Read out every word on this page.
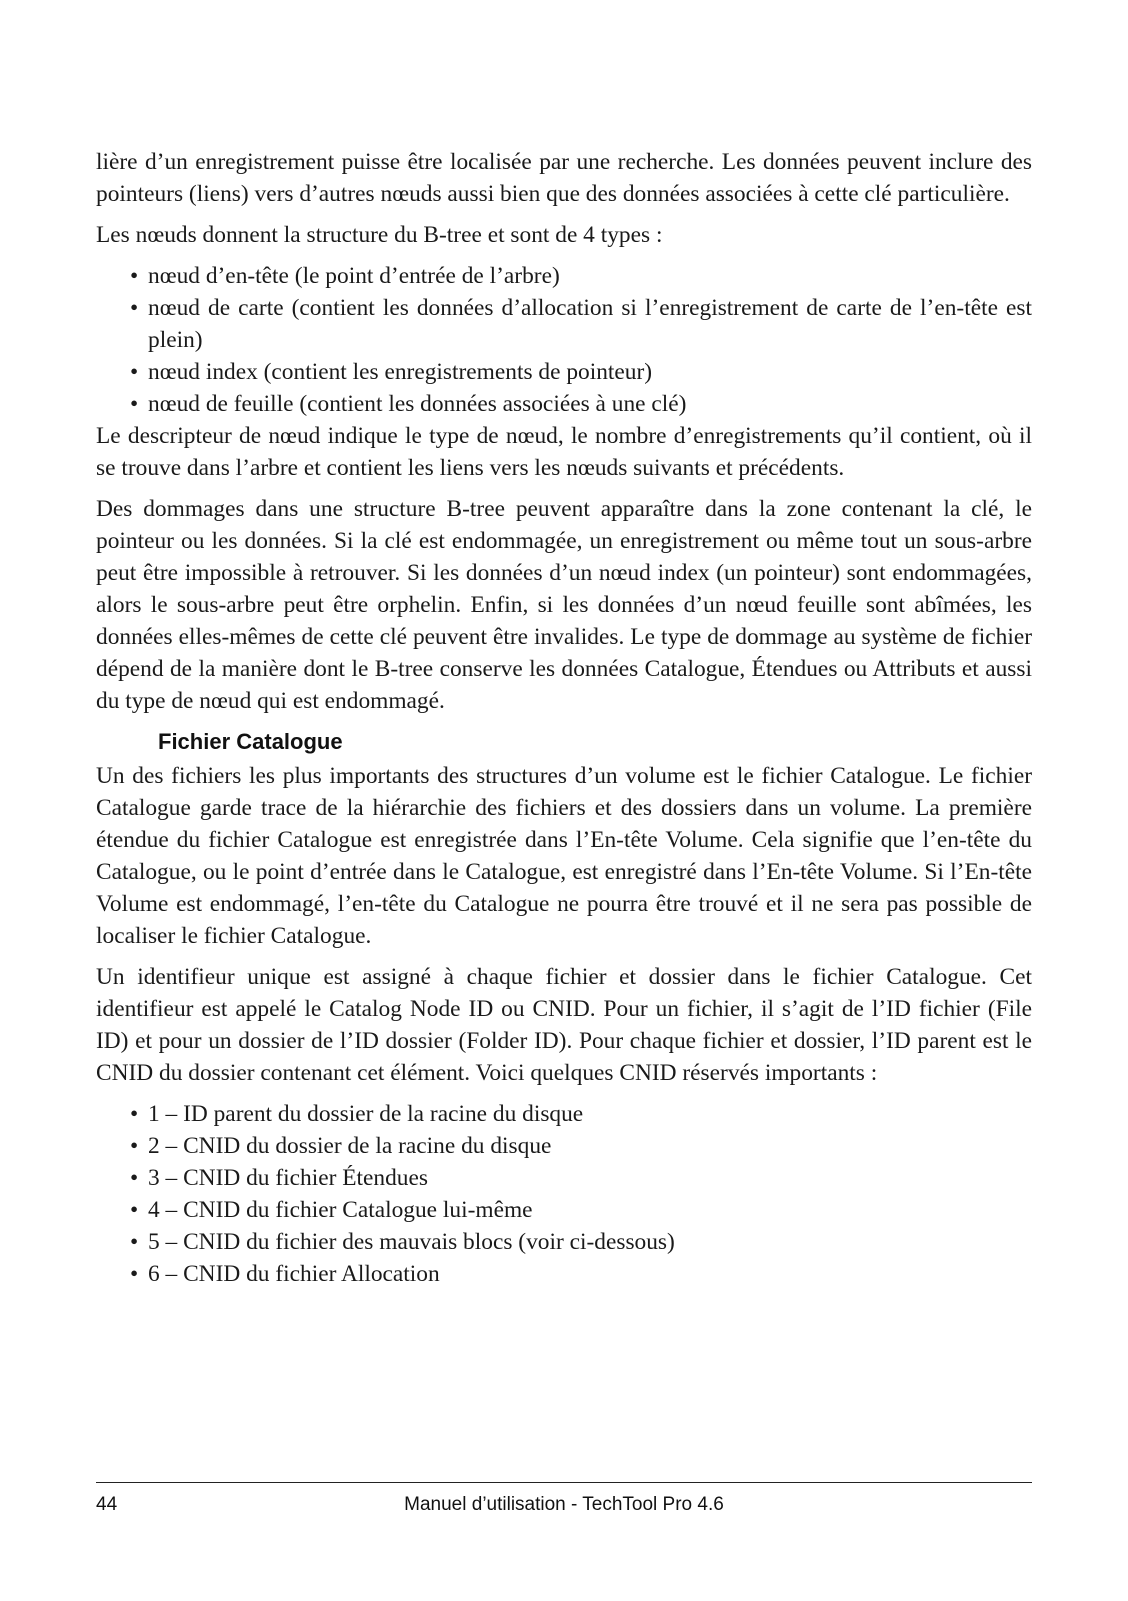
lière d’un enregistrement puisse être localisée par une recherche. Les données peuvent inclure des pointeurs (liens) vers d’autres nœuds aussi bien que des données associées à cette clé particulière.

Les nœuds donnent la structure du B-tree et sont de 4 types :

• nœud d’en-tête (le point d’entrée de l’arbre)
• nœud de carte (contient les données d’allocation si l’enregistrement de carte de l’en-tête est plein)
• nœud index (contient les enregistrements de pointeur)
• nœud de feuille (contient les données associées à une clé)

Le descripteur de nœud indique le type de nœud, le nombre d’enregistrements qu’il contient, où il se trouve dans l’arbre et contient les liens vers les nœuds suivants et précédents.

Des dommages dans une structure B-tree peuvent apparaître dans la zone contenant la clé, le pointeur ou les données. Si la clé est endommagée, un enregistrement ou même tout un sous-arbre peut être impossible à retrouver. Si les données d’un nœud index (un pointeur) sont endommagées, alors le sous-arbre peut être orphelin. Enfin, si les données d’un nœud feuille sont abîmées, les données elles-mêmes de cette clé peuvent être invalides. Le type de dommage au système de fichier dépend de la manière dont le B-tree conserve les données Catalogue, Étendues ou Attributs et aussi du type de nœud qui est endommagé.

Fichier Catalogue

Un des fichiers les plus importants des structures d’un volume est le fichier Catalogue. Le fichier Catalogue garde trace de la hiérarchie des fichiers et des dossiers dans un volume. La première étendue du fichier Catalogue est enregistrée dans l’En-tête Volume. Cela signifie que l’en-tête du Catalogue, ou le point d’entrée dans le Catalogue, est enregistré dans l’En-tête Volume. Si l’En-tête Volume est endommagé, l’en-tête du Catalogue ne pourra être trouvé et il ne sera pas possible de localiser le fichier Catalogue.

Un identifieur unique est assigné à chaque fichier et dossier dans le fichier Catalogue. Cet identifieur est appelé le Catalog Node ID ou CNID. Pour un fichier, il s’agit de l’ID fichier (File ID) et pour un dossier de l’ID dossier (Folder ID). Pour chaque fichier et dossier, l’ID parent est le CNID du dossier contenant cet élément. Voici quelques CNID réservés importants :

• 1 – ID parent du dossier de la racine du disque
• 2 – CNID du dossier de la racine du disque
• 3 – CNID du fichier Étendues
• 4 – CNID du fichier Catalogue lui-même
• 5 – CNID du fichier des mauvais blocs (voir ci-dessous)
• 6 – CNID du fichier Allocation
44	Manuel d’utilisation - TechTool Pro 4.6
